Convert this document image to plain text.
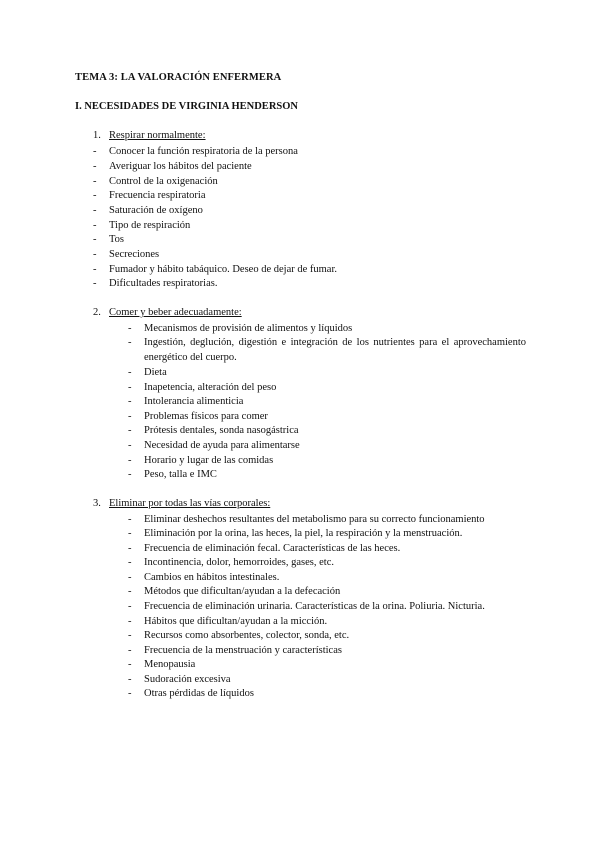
TEMA 3: LA VALORACIÓN ENFERMERA
I. NECESIDADES DE VIRGINIA HENDERSON
1. Respirar normalmente:
- Conocer la función respiratoria de la persona
- Averiguar los hábitos del paciente
- Control de la oxigenación
- Frecuencia respiratoria
- Saturación de oxígeno
- Tipo de respiración
- Tos
- Secreciones
- Fumador y hábito tabáquico. Deseo de dejar de fumar.
- Dificultades respiratorias.
2. Comer y beber adecuadamente:
- Mecanismos de provisión de alimentos y líquidos
- Ingestión, deglución, digestión e integración de los nutrientes para el aprovechamiento energético del cuerpo.
- Dieta
- Inapetencia, alteración del peso
- Intolerancia alimenticia
- Problemas físicos para comer
- Prótesis dentales, sonda nasogástrica
- Necesidad de ayuda para alimentarse
- Horario y lugar de las comidas
- Peso, talla e IMC
3. Eliminar por todas las vías corporales:
- Eliminar deshechos resultantes del metabolismo para su correcto funcionamiento
- Eliminación por la orina, las heces, la piel, la respiración y la menstruación.
- Frecuencia de eliminación fecal. Características de las heces.
- Incontinencia, dolor, hemorroides, gases, etc.
- Cambios en hábitos intestinales.
- Métodos que dificultan/ayudan a la defecación
- Frecuencia de eliminación urinaria. Características de la orina. Poliuria. Nicturia.
- Hábitos que dificultan/ayudan a la micción.
- Recursos como absorbentes, colector, sonda, etc.
- Frecuencia de la menstruación y características
- Menopausia
- Sudoración excesiva
- Otras pérdidas de líquidos
